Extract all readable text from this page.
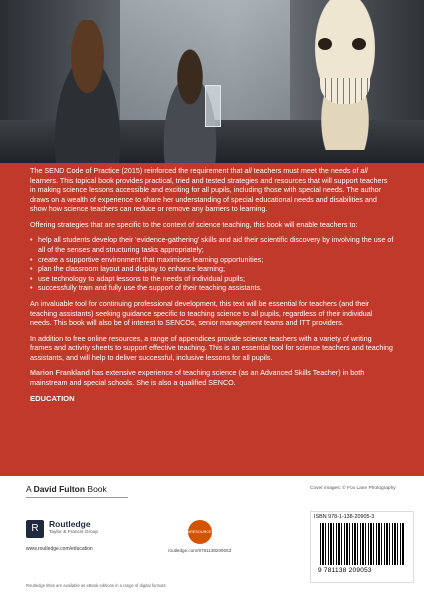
The SEND Code of Practice (2015) reinforced the requirement that all teachers must meet the needs of all learners. This topical book provides practical, tried and tested strategies and resources that will support teachers in making science lessons accessible and exciting for all pupils, including those with special needs. The author draws on a wealth of experience to share her understanding of special educational needs and disabilities and show how science teachers can reduce or remove any barriers to learning.

Offering strategies that are specific to the context of science teaching, this book will enable teachers to:

• help all students develop their ‘evidence-gathering’ skills and aid their scientific discovery by involving the use of all of the senses and structuring tasks appropriately;
• create a supportive environment that maximises learning opportunities;
• plan the classroom layout and display to enhance learning;
• use technology to adapt lessons to the needs of individual pupils;
• successfully train and fully use the support of their teaching assistants.

An invaluable tool for continuing professional development, this text will be essential for teachers (and their teaching assistants) seeking guidance specific to teaching science to all pupils, regardless of their individual needs. This book will also be of interest to SENCOs, senior management teams and ITT providers.

In addition to free online resources, a range of appendices provide science teachers with a variety of writing frames and activity sheets to support effective teaching. This is an essential tool for science teachers and teaching assistants, and will help to deliver successful, inclusive lessons for all pupils.

Marion Frankland has extensive experience of teaching science (as an Advanced Skills Teacher) in both mainstream and special schools. She is also a qualified SENCO.

EDUCATION
A David Fulton Book
R	Routledge
Taylor & Francis Group
www.routledge.com/education
Routledge titles are available as eBook editions in a range of digital formats
eRESOURCES
routledge.com/9781138209053
Cover images: © Fox Lane Photography
ISBN 978-1-138-20905-3
9 781138 209053
